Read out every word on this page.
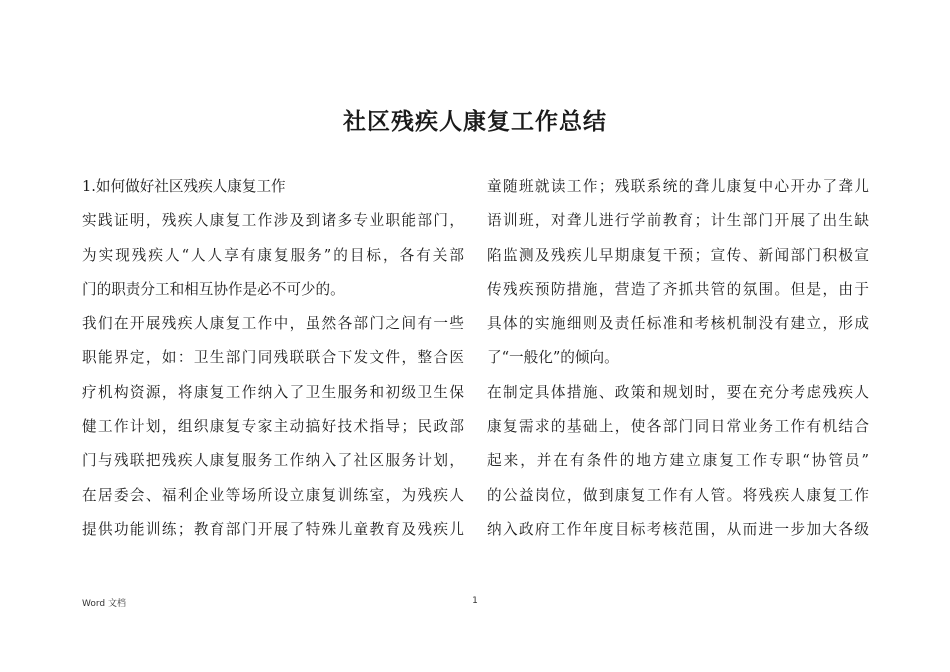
社区残疾人康复工作总结
1.如何做好社区残疾人康复工作
实践证明，残疾人康复工作涉及到诸多专业职能部门，
为实现残疾人“人人享有康复服务”的目标，各有关部
门的职责分工和相互协作是必不可少的。
我们在开展残疾人康复工作中，虽然各部门之间有一些
职能界定，如：卫生部门同残联联合下发文件，整合医
疗机构资源，将康复工作纳入了卫生服务和初级卫生保
健工作计划，组织康复专家主动搞好技术指导；民政部
门与残联把残疾人康复服务工作纳入了社区服务计划，
在居委会、福利企业等场所设立康复训练室，为残疾人
提供功能训练；教育部门开展了特殊儿童教育及残疾儿
童随班就读工作；残联系统的聋儿康复中心开办了聋儿
语训班，对聋儿进行学前教育；计生部门开展了出生缺
陷监测及残疾儿早期康复干预；宣传、新闻部门积极宣
传残疾预防措施，营造了齐抓共管的氛围。但是，由于
具体的实施细则及责任标准和考核机制没有建立，形成
了“一般化”的倾向。
在制定具体措施、政策和规划时，要在充分考虑残疾人
康复需求的基础上，使各部门同日常业务工作有机结合
起来，并在有条件的地方建立康复工作专职“协管员”
的公益岗位，做到康复工作有人管。将残疾人康复工作
纳入政府工作年度目标考核范围，从而进一步加大各级
Word 文档	1
